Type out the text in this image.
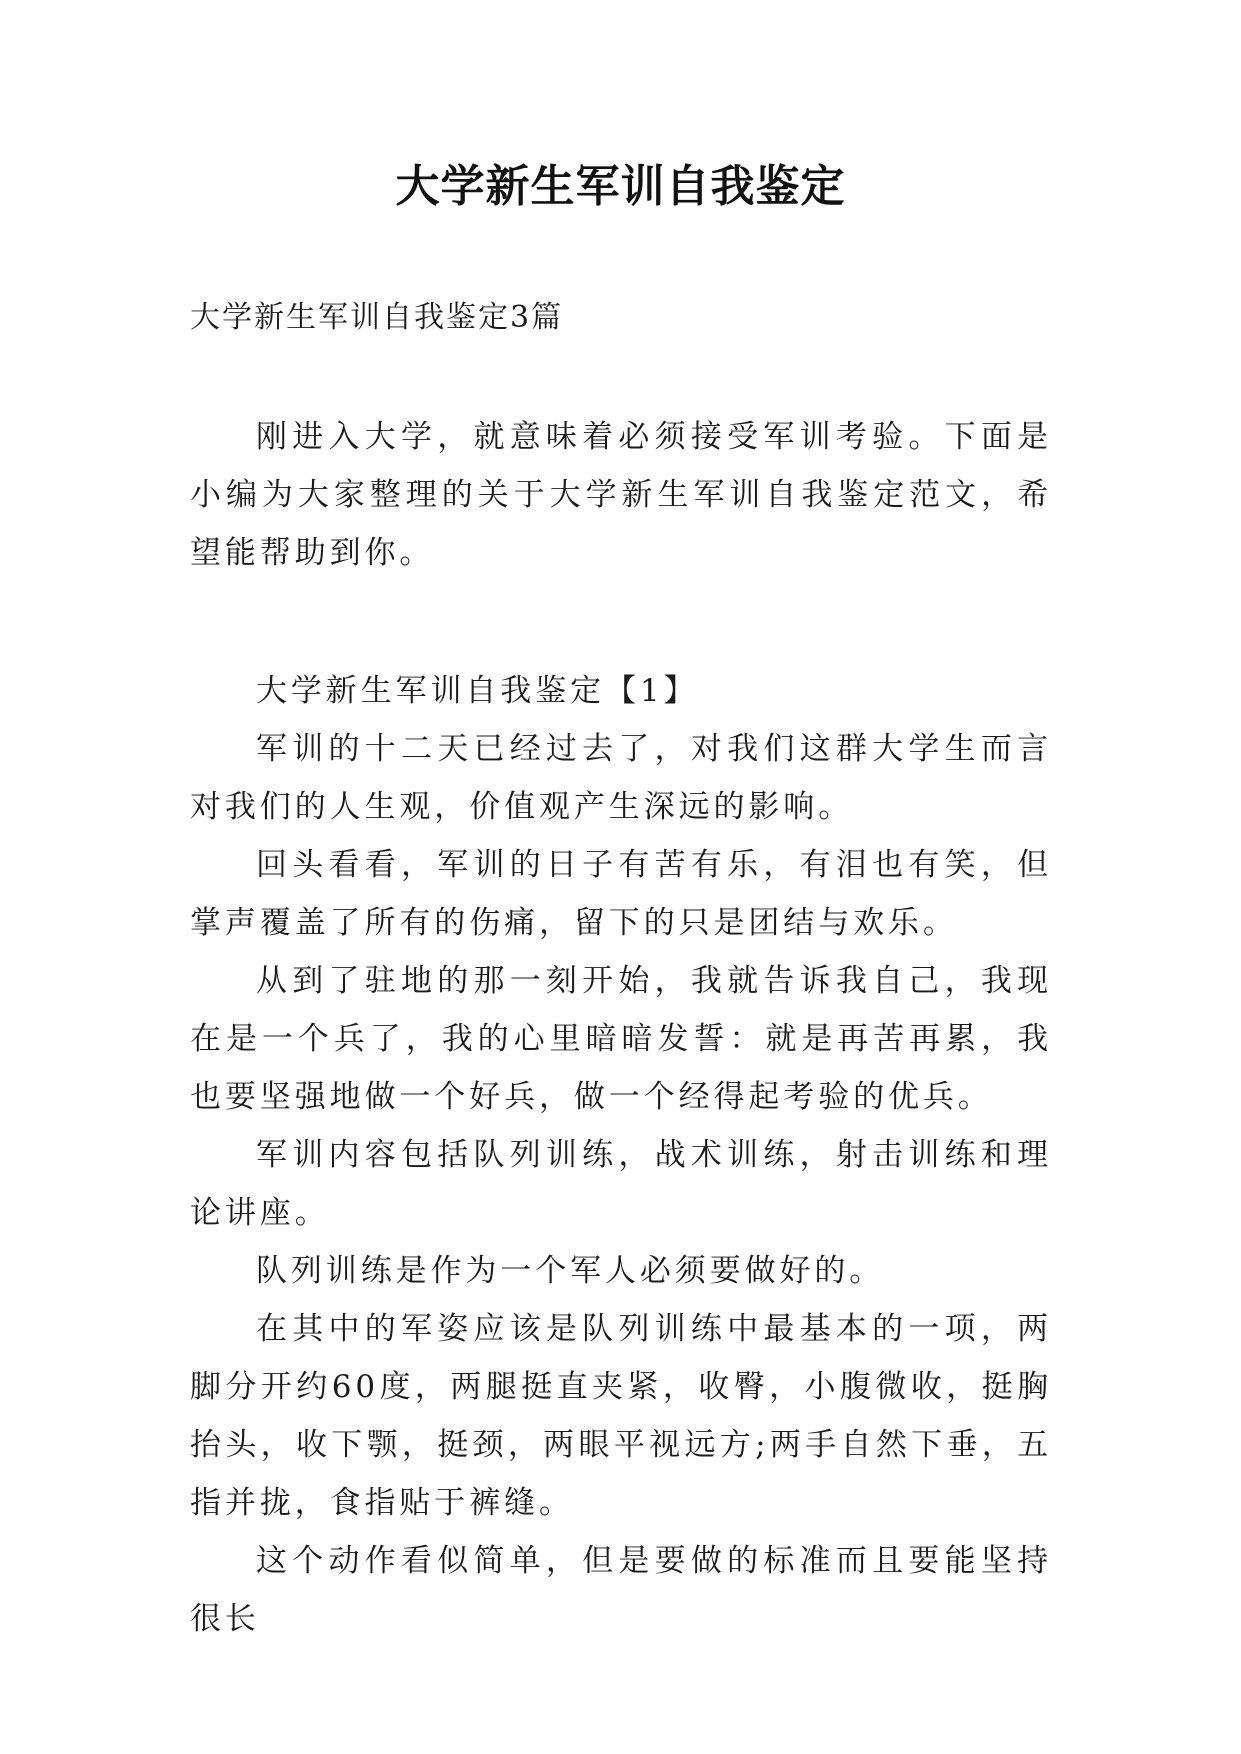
大学新生军训自我鉴定

大学新生军训自我鉴定3篇

刚进入大学，就意味着必须接受军训考验。下面是小编为大家整理的关于大学新生军训自我鉴定范文，希望能帮助到你。

大学新生军训自我鉴定【1】

军训的十二天已经过去了，对我们这群大学生而言对我们的人生观，价值观产生深远的影响。

回头看看，军训的日子有苦有乐，有泪也有笑，但掌声覆盖了所有的伤痛，留下的只是团结与欢乐。

从到了驻地的那一刻开始，我就告诉我自己，我现在是一个兵了，我的心里暗暗发誓：就是再苦再累，我也要坚强地做一个好兵，做一个经得起考验的优兵。

军训内容包括队列训练，战术训练，射击训练和理论讲座。

队列训练是作为一个军人必须要做好的。

在其中的军姿应该是队列训练中最基本的一项，两脚分开约60度，两腿挺直夹紧，收臀，小腹微收，挺胸抬头，收下颚，挺颈，两眼平视远方;两手自然下垂，五指并拢，食指贴于裤缝。

这个动作看似简单，但是要做的标准而且要能坚持很长
